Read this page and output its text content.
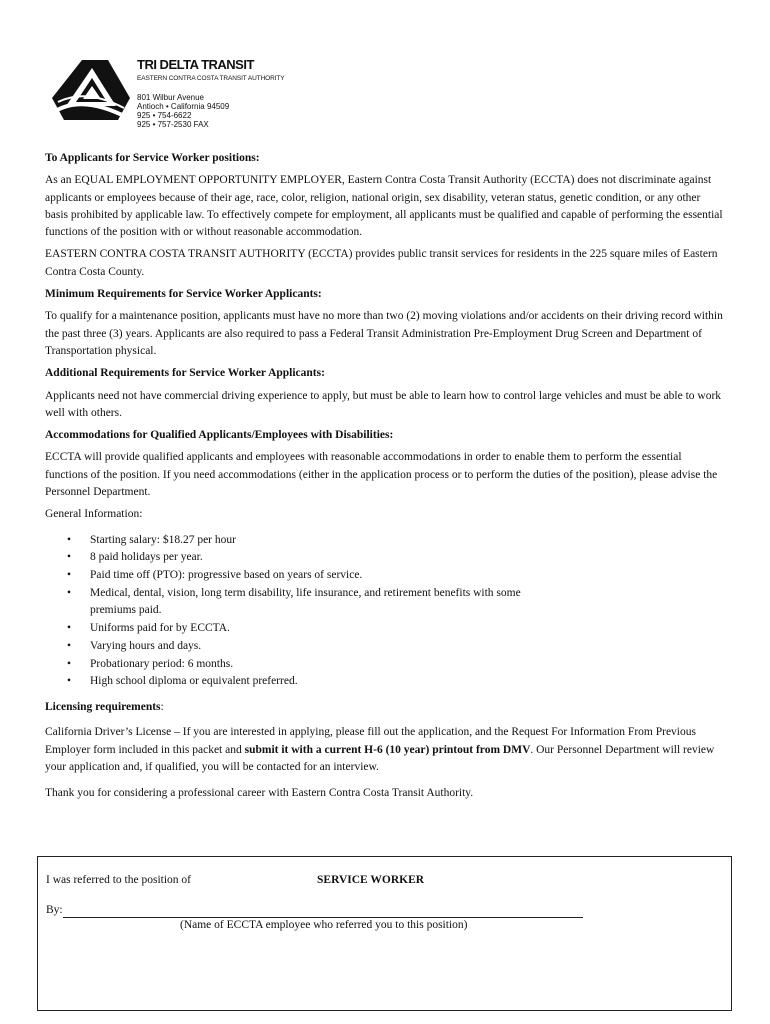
TRI DELTA TRANSIT
EASTERN CONTRA COSTA TRANSIT AUTHORITY
801 Wilbur Avenue
Antioch • California 94509
925 • 754-6622
925 • 757-2530 FAX

To Applicants for Service Worker positions:

As an EQUAL EMPLOYMENT OPPORTUNITY EMPLOYER, Eastern Contra Costa Transit Authority (ECCTA) does not discriminate against applicants or employees because of their age, race, color, religion, national origin, sex disability, veteran status, genetic condition, or any other basis prohibited by applicable law. To effectively compete for employment, all applicants must be qualified and capable of performing the essential functions of the position with or without reasonable accommodation.

EASTERN CONTRA COSTA TRANSIT AUTHORITY (ECCTA) provides public transit services for residents in the 225 square miles of Eastern Contra Costa County.

Minimum Requirements for Service Worker Applicants:

To qualify for a maintenance position, applicants must have no more than two (2) moving violations and/or accidents on their driving record within the past three (3) years. Applicants are also required to pass a Federal Transit Administration Pre-Employment Drug Screen and Department of Transportation physical.

Additional Requirements for Service Worker Applicants:

Applicants need not have commercial driving experience to apply, but must be able to learn how to control large vehicles and must be able to work well with others.

Accommodations for Qualified Applicants/Employees with Disabilities:

ECCTA will provide qualified applicants and employees with reasonable accommodations in order to enable them to perform the essential functions of the position. If you need accommodations (either in the application process or to perform the duties of the position), please advise the Personnel Department.

General Information:

• Starting salary: $18.27 per hour
• 8 paid holidays per year.
• Paid time off (PTO): progressive based on years of service.
• Medical, dental, vision, long term disability, life insurance, and retirement benefits with some premiums paid.
• Uniforms paid for by ECCTA.
• Varying hours and days.
• Probationary period: 6 months.
• High school diploma or equivalent preferred.

Licensing requirements:

California Driver’s License – If you are interested in applying, please fill out the application, and the Request For Information From Previous Employer form included in this packet and submit it with a current H-6 (10 year) printout from DMV. Our Personnel Department will review your application and, if qualified, you will be contacted for an interview.

Thank you for considering a professional career with Eastern Contra Costa Transit Authority.

I was referred to the position of	SERVICE WORKER
By:
(Name of ECCTA employee who referred you to this position)
